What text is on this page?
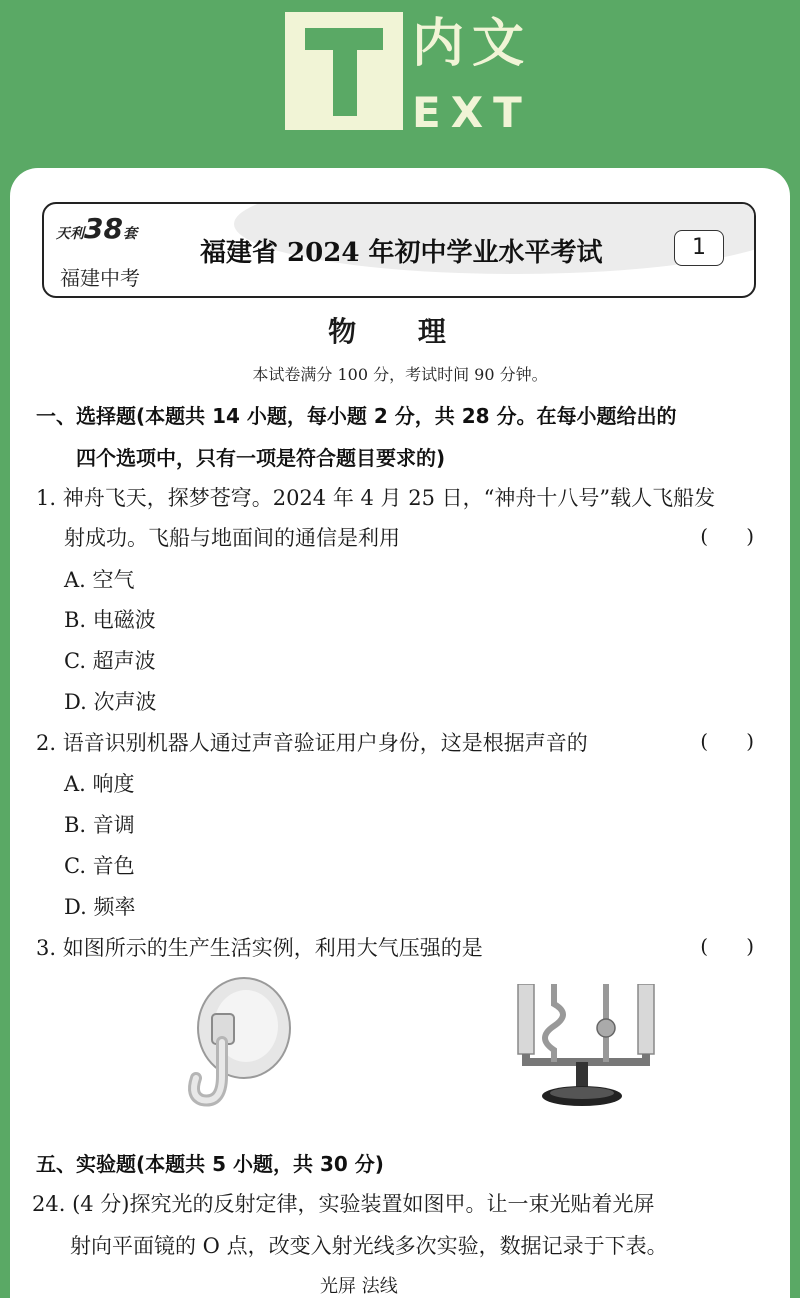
内文
EXT
天利38套
福建中考
福建省 2024 年初中学业水平考试	1
物 理
本试卷满分 100 分，考试时间 90 分钟。
一、选择题(本题共 14 小题，每小题 2 分，共 28 分。在每小题给出的
四个选项中，只有一项是符合题目要求的)
1. 神舟飞天，探梦苍穹。2024 年 4 月 25 日，“神舟十八号”载人飞船发
射成功。飞船与地面间的通信是利用	(      )
A. 空气
B. 电磁波
C. 超声波
D. 次声波
2. 语音识别机器人通过声音验证用户身份，这是根据声音的	(      )
A. 响度
B. 音调
C. 音色
D. 频率
3. 如图所示的生产生活实例，利用大气压强的是	(      )
五、实验题(本题共 5 小题，共 30 分)
24. (4 分)探究光的反射定律，实验装置如图甲。让一束光贴着光屏
射向平面镜的 O 点，改变入射光线多次实验，数据记录于下表。
光屏 法线
